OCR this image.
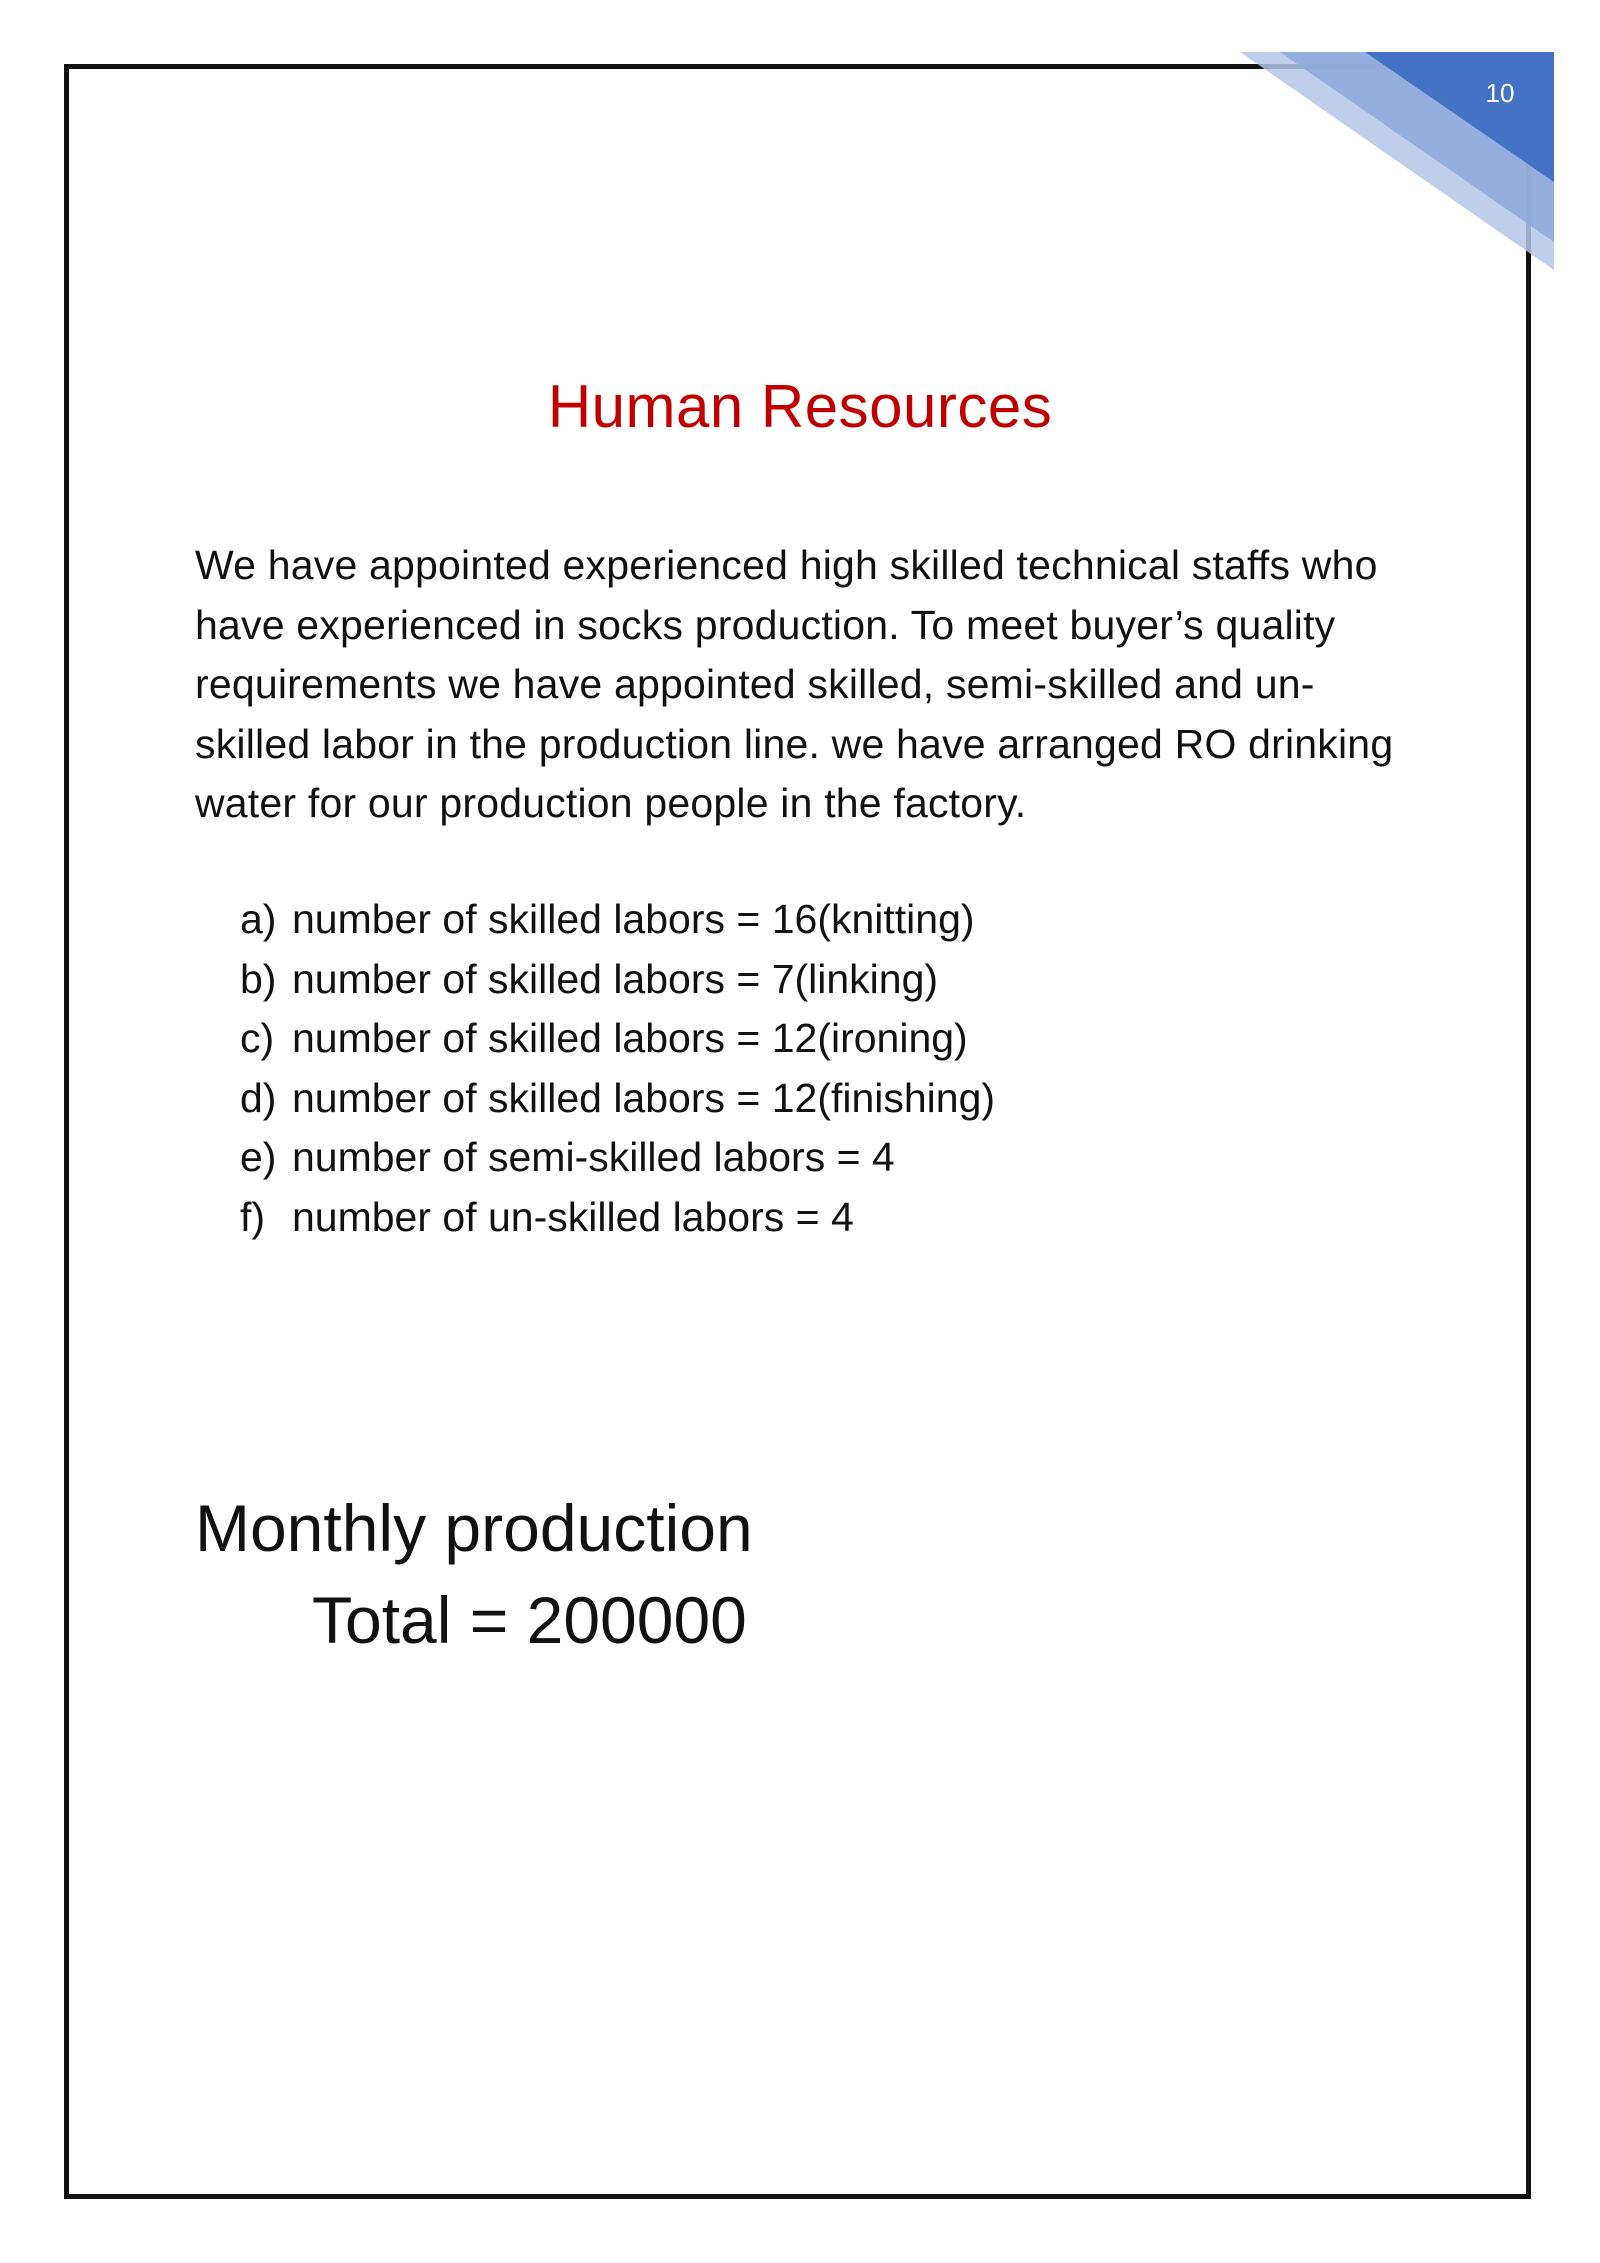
10
Human Resources

We have appointed experienced high skilled technical staffs who have experienced in socks production. To meet buyer’s quality requirements we have appointed skilled, semi-skilled and un-skilled labor in the production line. we have arranged RO drinking water for our production people in the factory.

a) number of skilled labors = 16(knitting)
b) number of skilled labors = 7(linking)
c) number of skilled labors = 12(ironing)
d) number of skilled labors = 12(finishing)
e) number of semi-skilled labors = 4
f) number of un-skilled labors = 4
Monthly production
Total = 200000
